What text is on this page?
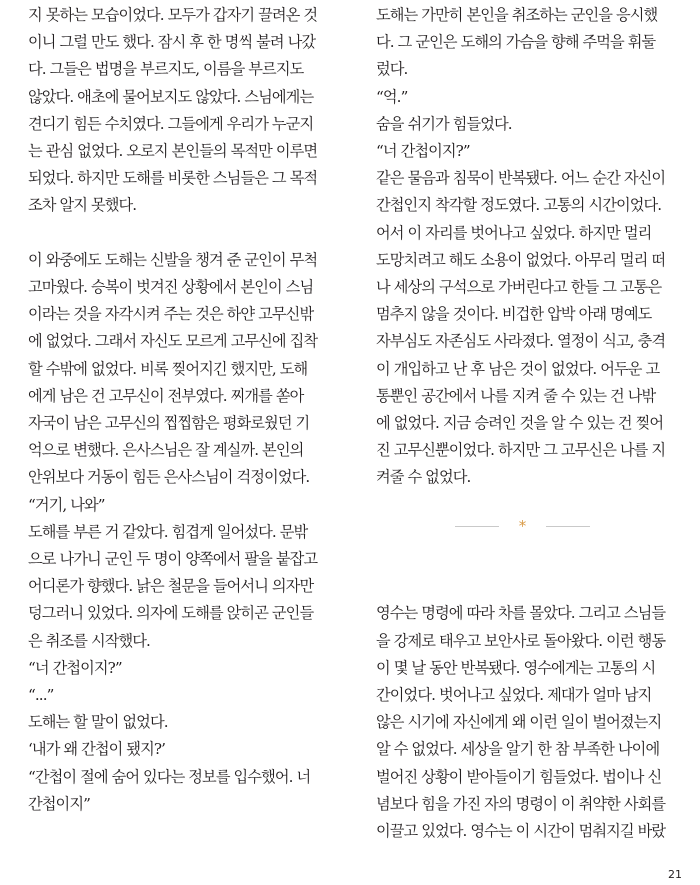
지 못하는 모습이었다. 모두가 갑자기 끌려온 것

이니 그럴 만도 했다. 잠시 후 한 명씩 불려 나갔

다. 그들은 법명을 부르지도, 이름을 부르지도

않았다. 애초에 물어보지도 않았다. 스님에게는

견디기 힘든 수치였다. 그들에게 우리가 누군지

는 관심 없었다. 오로지 본인들의 목적만 이루면

되었다. 하지만 도해를 비롯한 스님들은 그 목적

조차 알지 못했다.

이 와중에도 도해는 신발을 챙겨 준 군인이 무척

고마웠다. 승복이 벗겨진 상황에서 본인이 스님

이라는 것을 자각시켜 주는 것은 하얀 고무신밖

에 없었다. 그래서 자신도 모르게 고무신에 집착

할 수밖에 없었다. 비록 찢어지긴 했지만, 도해

에게 남은 건 고무신이 전부였다. 찌개를 쏟아

자국이 남은 고무신의 찝찝함은 평화로웠던 기

억으로 변했다. 은사스님은 잘 계실까. 본인의

안위보다 거동이 힘든 은사스님이 걱정이었다.

“거기, 나와”

도해를 부른 거 같았다. 힘겹게 일어섰다. 문밖

으로 나가니 군인 두 명이 양쪽에서 팔을 붙잡고

어디론가 향했다. 낡은 철문을 들어서니 의자만

덩그러니 있었다. 의자에 도해를 앉히곤 군인들

은 취조를 시작했다.

“너 간첩이지?”

“...”

도해는 할 말이 없었다.

‘내가 왜 간첩이 됐지?’

“간첩이 절에 숨어 있다는 정보를 입수했어. 너

간첩이지”

도해는 가만히 본인을 취조하는 군인을 응시했

다. 그 군인은 도해의 가슴을 향해 주먹을 휘둘

렀다.

“억.”

숨을 쉬기가 힘들었다.

“너 간첩이지?”

같은 물음과 침묵이 반복됐다. 어느 순간 자신이

간첩인지 착각할 정도였다. 고통의 시간이었다.

어서 이 자리를 벗어나고 싶었다. 하지만 멀리

도망치려고 해도 소용이 없었다. 아무리 멀리 떠

나 세상의 구석으로 가버린다고 한들 그 고통은

멈추지 않을 것이다. 비겁한 압박 아래 명예도

자부심도 자존심도 사라졌다. 열정이 식고, 충격

이 개입하고 난 후 남은 것이 없었다. 어두운 고

통뿐인 공간에서 나를 지켜 줄 수 있는 건 나밖

에 없었다. 지금 승려인 것을 알 수 있는 건 찢어

진 고무신뿐이었다. 하지만 그 고무신은 나를 지

켜줄 수 없었다.

영수는 명령에 따라 차를 몰았다. 그리고 스님들

을 강제로 태우고 보안사로 돌아왔다. 이런 행동

이 몇 날 동안 반복됐다. 영수에게는 고통의 시

간이었다. 벗어나고 싶었다. 제대가 얼마 남지

않은 시기에 자신에게 왜 이런 일이 벌어졌는지

알 수 없었다. 세상을 알기 한 참 부족한 나이에

벌어진 상황이 받아들이기 힘들었다. 법이나 신

념보다 힘을 가진 자의 명령이 이 취약한 사회를

이끌고 있었다. 영수는 이 시간이 멈춰지길 바랐

*
21
